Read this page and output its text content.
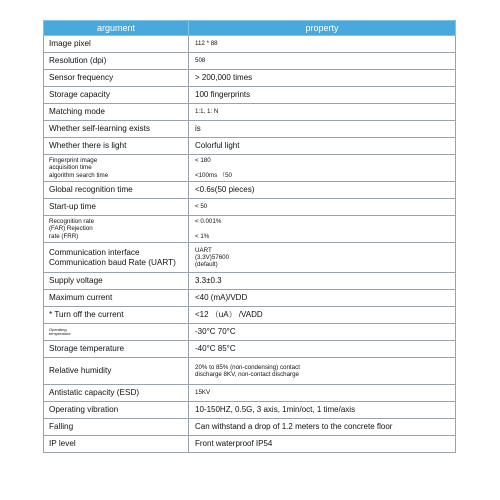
argument	property
Image pixel	112 * 88
Resolution (dpi)	508
Sensor frequency	> 200,000 times
Storage capacity	100 fingerprints
Matching mode	1:1, 1: N
Whether self-learning exists	is
Whether there is light	Colorful light
Fingerprint image
acquisition time
algorithm search time	< 180

<100ms （50
Global recognition time	<0.6s(50 pieces)
Start-up time	< 50
Recognition rate
(FAR) Rejection
rate (FRR)	< 0.001%

< 1%
Communication interface
Communication baud Rate (UART)	UART
(3.3V)57600
(default)
Supply voltage	3.3±0.3
Maximum current	<40 (mA)/VDD
* Turn off the current	<12 （uA） /VADD
Operating
temperature	-30°C 70°C
Storage temperature	-40°C 85°C
Relative humidity	20% to 85% (non-condensing) contact
discharge 8KV, non-contact discharge
Antistatic capacity (ESD)	15KV
Operating vibration	10-150HZ, 0.5G, 3 axis, 1min/oct, 1 time/axis
Falling	Can withstand a drop of 1.2 meters to the concrete floor
IP level	Front waterproof IP54
